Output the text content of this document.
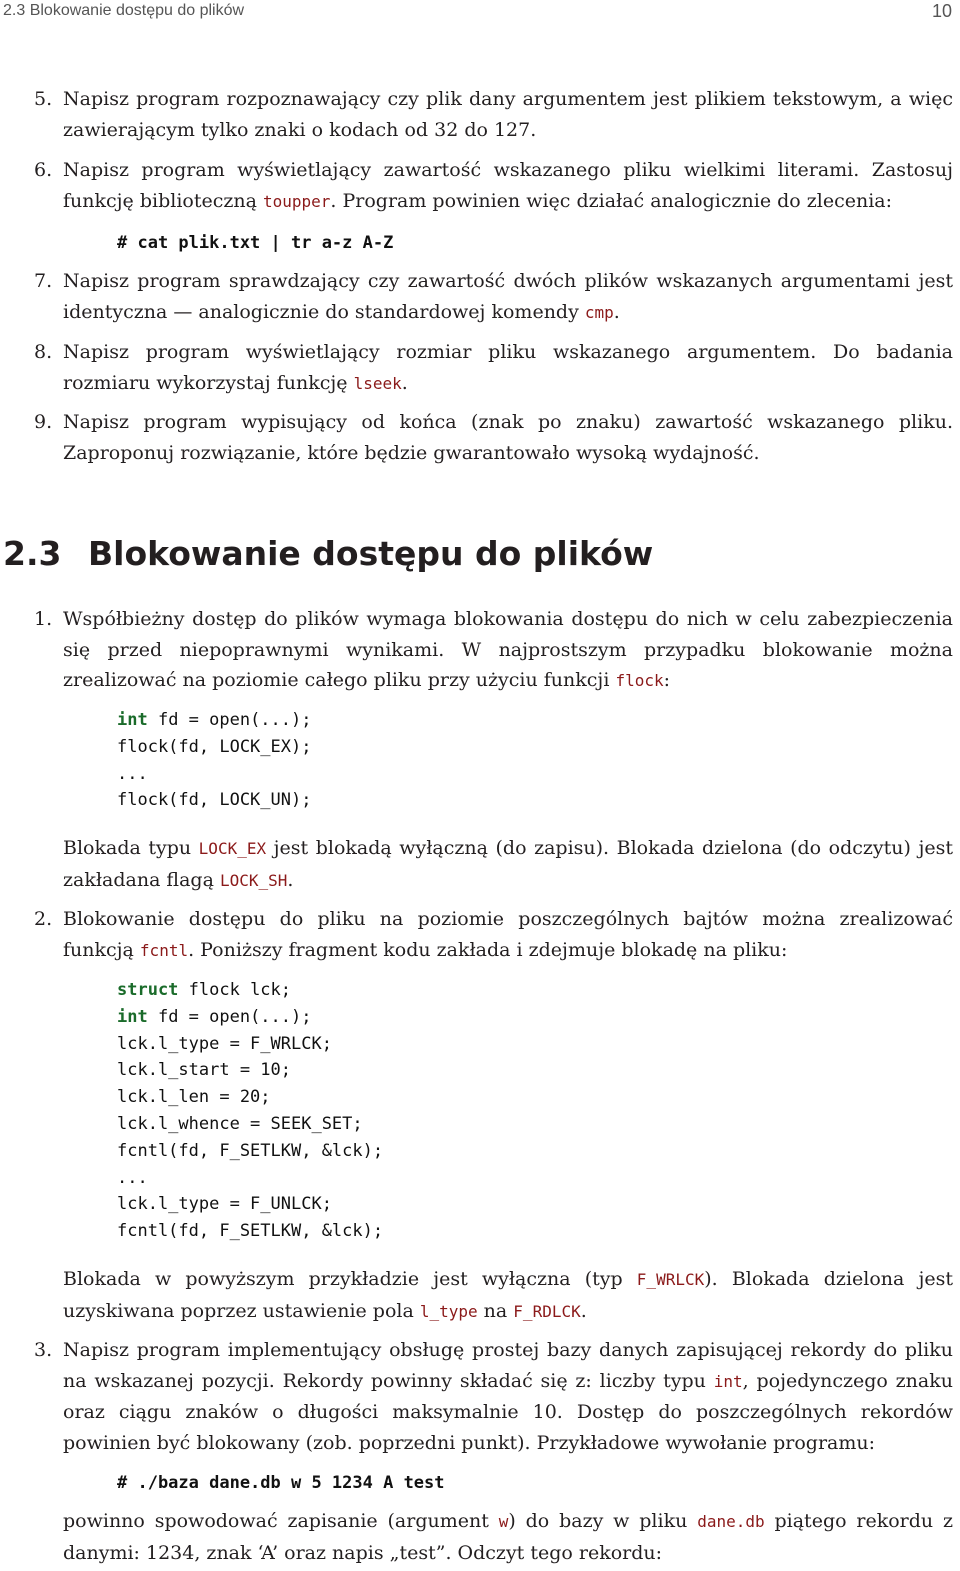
2.3 Blokowanie dostępu do plików	10
5. Napisz program rozpoznawający czy plik dany argumentem jest plikiem tekstowym, a więc zawierającym tylko znaki o kodach od 32 do 127.

6. Napisz program wyświetlający zawartość wskazanego pliku wielkimi literami. Zastosuj funkcję biblioteczną toupper. Program powinien więc działać analogicznie do zlecenia:

# cat plik.txt | tr a-z A-Z
7. Napisz program sprawdzający czy zawartość dwóch plików wskazanych argumentami jest identyczna — analogicznie do standardowej komendy cmp.

8. Napisz program wyświetlający rozmiar pliku wskazanego argumentem. Do badania rozmiaru wykorzystaj funkcję lseek.

9. Napisz program wypisujący od końca (znak po znaku) zawartość wskazanego pliku. Zaproponuj rozwiązanie, które będzie gwarantowało wysoką wydajność.

2.3 Blokowanie dostępu do plików
1. Współbieżny dostęp do plików wymaga blokowania dostępu do nich w celu zabezpieczenia się przed niepoprawnymi wynikami. W najprostszym przypadku blokowanie można zrealizować na poziomie całego pliku przy użyciu funkcji flock:

int fd = open(...);
flock(fd, LOCK_EX);
...
flock(fd, LOCK_UN);

Blokada typu LOCK_EX jest blokadą wyłączną (do zapisu). Blokada dzielona (do odczytu) jest zakładana flagą LOCK_SH.

2. Blokowanie dostępu do pliku na poziomie poszczególnych bajtów można zrealizować funkcją fcntl. Poniższy fragment kodu zakłada i zdejmuje blokadę na pliku:

struct flock lck;
int fd = open(...);
lck.l_type = F_WRLCK;
lck.l_start = 10;
lck.l_len = 20;
lck.l_whence = SEEK_SET;
fcntl(fd, F_SETLKW, &lck);
...
lck.l_type = F_UNLCK;
fcntl(fd, F_SETLKW, &lck);

Blokada w powyższym przykładzie jest wyłączna (typ F_WRLCK). Blokada dzielona jest uzyskiwana poprzez ustawienie pola l_type na F_RDLCK.

3. Napisz program implementujący obsługę prostej bazy danych zapisującej rekordy do pliku na wskazanej pozycji. Rekordy powinny składać się z: liczby typu int, pojedynczego znaku oraz ciągu znaków o długości maksymalnie 10. Dostęp do poszczególnych rekordów powinien być blokowany (zob. poprzedni punkt). Przykładowe wywołanie programu:

# ./baza dane.db w 5 1234 A test

powinno spowodować zapisanie (argument w) do bazy w pliku dane.db piątego rekordu z danymi: 1234, znak ‘A’ oraz napis „test”. Odczyt tego rekordu:
